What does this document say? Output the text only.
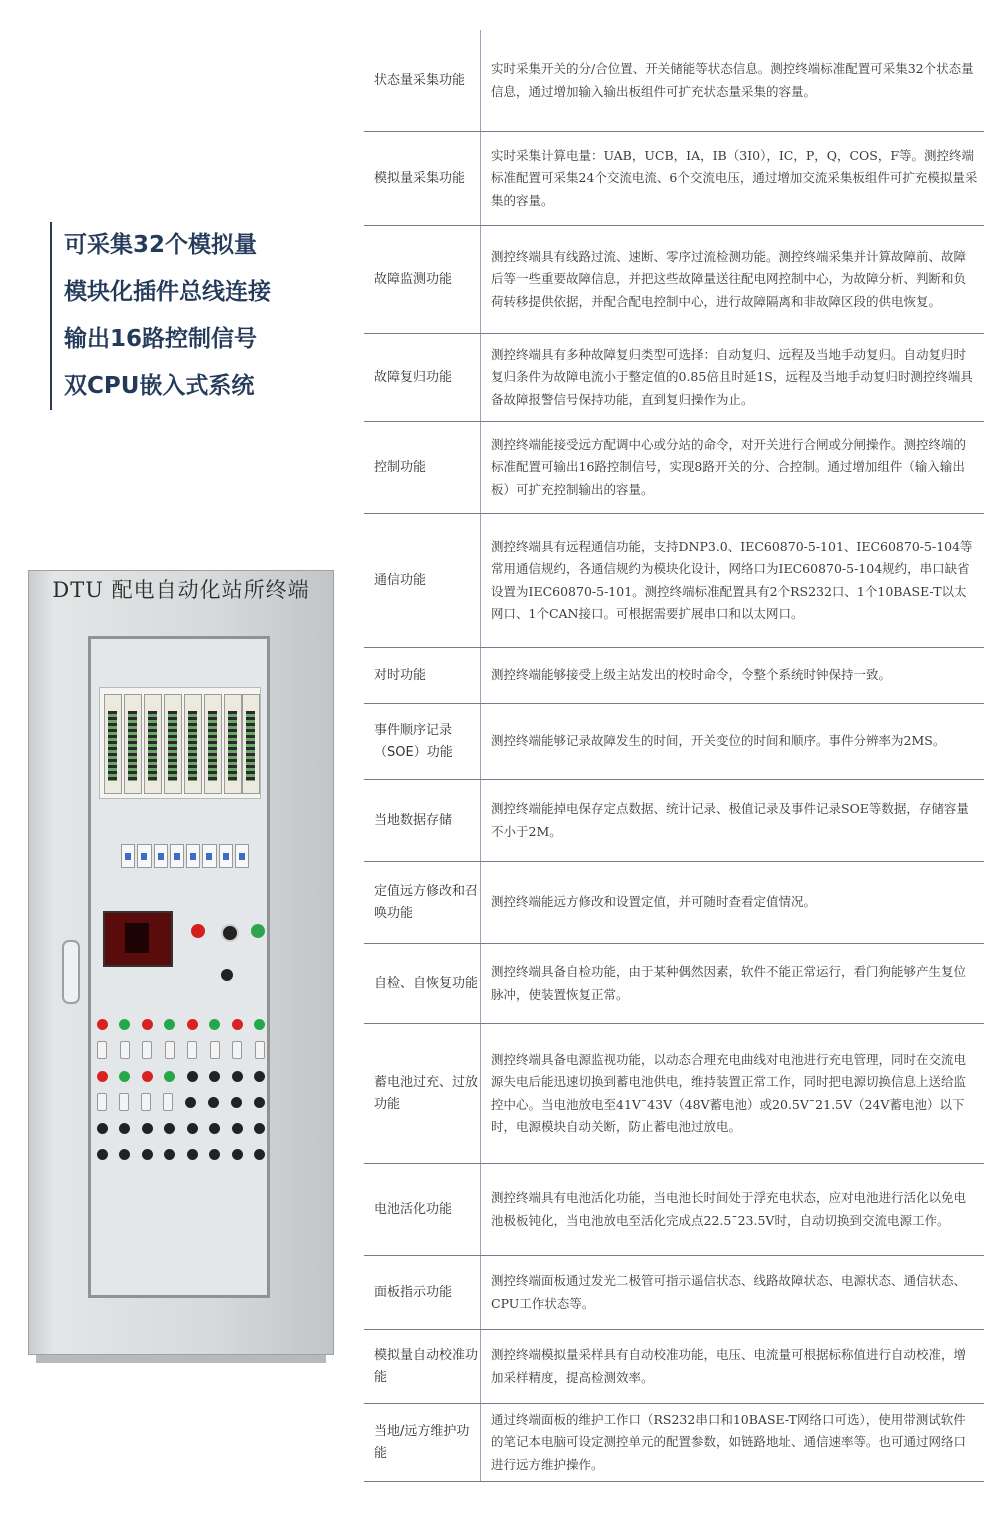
可采集32个模拟量
模块化插件总线连接
输出16路控制信号
双CPU嵌入式系统
DTU 配电自动化站所终端
状态量采集功能
实时采集开关的分/合位置、开关储能等状态信息。测控终端标准配置可采集32个状态量信息，通过增加输入输出板组件可扩充状态量采集的容量。
模拟量采集功能
实时采集计算电量：UAB，UCB，IA，IB（3I0），IC，P，Q，COS，F等。测控终端标准配置可采集24个交流电流、6个交流电压，通过增加交流采集板组件可扩充模拟量采集的容量。
故障监测功能
测控终端具有线路过流、速断、零序过流检测功能。测控终端采集并计算故障前、故障后等一些重要故障信息，并把这些故障量送往配电网控制中心，为故障分析、判断和负荷转移提供依据，并配合配电控制中心，进行故障隔离和非故障区段的供电恢复。
故障复归功能
测控终端具有多种故障复归类型可选择：自动复归、远程及当地手动复归。自动复归时复归条件为故障电流小于整定值的0.85倍且时延1S，远程及当地手动复归时测控终端具备故障报警信号保持功能，直到复归操作为止。
控制功能
测控终端能接受远方配调中心或分站的命令，对开关进行合闸或分闸操作。测控终端的标准配置可输出16路控制信号，实现8路开关的分、合控制。通过增加组件（输入输出板）可扩充控制输出的容量。
通信功能
测控终端具有远程通信功能，支持DNP3.0、IEC60870-5-101、IEC60870-5-104等常用通信规约，各通信规约为模块化设计，网络口为IEC60870-5-104规约，串口缺省设置为IEC60870-5-101。测控终端标准配置具有2个RS232口、1个10BASE-T以太网口、1个CAN接口。可根据需要扩展串口和以太网口。
对时功能	测控终端能够接受上级主站发出的校时命令，令整个系统时钟保持一致。
事件顺序记录（SOE）功能
测控终端能够记录故障发生的时间，开关变位的时间和顺序。事件分辨率为2MS。
当地数据存储
测控终端能掉电保存定点数据、统计记录、极值记录及事件记录SOE等数据，存储容量不小于2M。
定值远方修改和召唤功能
测控终端能远方修改和设置定值，并可随时查看定值情况。
自检、自恢复功能
测控终端具备自检功能，由于某种偶然因素，软件不能正常运行，看门狗能够产生复位脉冲，使装置恢复正常。
蓄电池过充、过放功能
测控终端具备电源监视功能，以动态合理充电曲线对电池进行充电管理，同时在交流电源失电后能迅速切换到蓄电池供电，维持装置正常工作，同时把电源切换信息上送给监控中心。当电池放电至41V¯43V（48V蓄电池）或20.5V¯21.5V（24V蓄电池）以下时，电源模块自动关断，防止蓄电池过放电。
电池活化功能
测控终端具有电池活化功能，当电池长时间处于浮充电状态，应对电池进行活化以免电池极板钝化，当电池放电至活化完成点22.5¯23.5V时，自动切换到交流电源工作。
面板指示功能
测控终端面板通过发光二极管可指示遥信状态、线路故障状态、电源状态、通信状态、CPU工作状态等。
模拟量自动校准功能
测控终端模拟量采样具有自动校准功能，电压、电流量可根据标称值进行自动校准，增加采样精度，提高检测效率。
当地/远方维护功能
通过终端面板的维护工作口（RS232串口和10BASE-T网络口可选），使用带测试软件的笔记本电脑可设定测控单元的配置参数，如链路地址、通信速率等。也可通过网络口进行远方维护操作。
